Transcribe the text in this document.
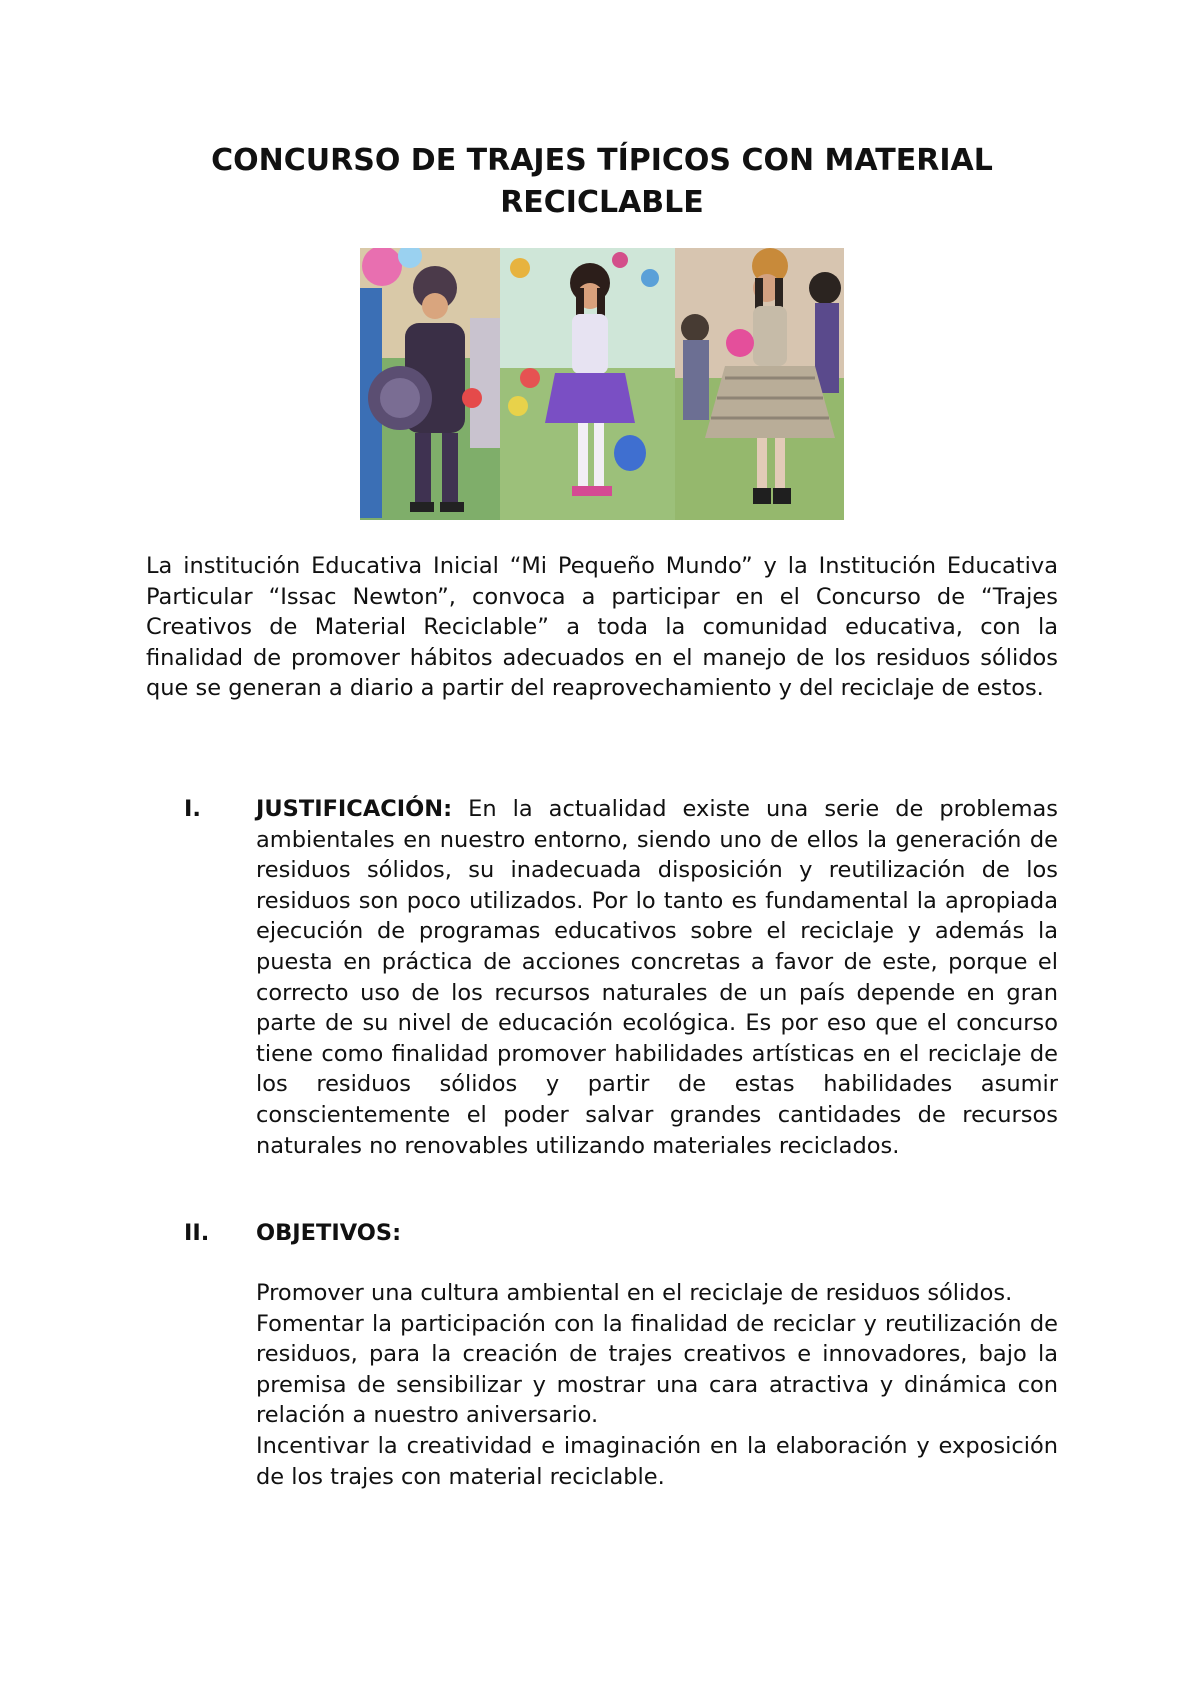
CONCURSO DE TRAJES TÍPICOS CON MATERIAL RECICLABLE

La institución Educativa Inicial “Mi Pequeño Mundo” y la Institución Educativa Particular “Issac Newton”, convoca a participar en el Concurso de “Trajes Creativos de Material Reciclable” a toda la comunidad educativa, con la finalidad de promover hábitos adecuados en el manejo de los residuos sólidos que se generan a diario a partir del reaprovechamiento y del reciclaje de estos.

I. JUSTIFICACIÓN: En la actualidad existe una serie de problemas ambientales en nuestro entorno, siendo uno de ellos la generación de residuos sólidos, su inadecuada disposición y reutilización de los residuos son poco utilizados. Por lo tanto es fundamental la apropiada ejecución de programas educativos sobre el reciclaje y además la puesta en práctica de acciones concretas a favor de este, porque el correcto uso de los recursos naturales de un país depende en gran parte de su nivel de educación ecológica. Es por eso que el concurso tiene como finalidad promover habilidades artísticas en el reciclaje de los residuos sólidos y partir de estas habilidades asumir conscientemente el poder salvar grandes cantidades de recursos naturales no renovables utilizando materiales reciclados.

II. OBJETIVOS:

Promover una cultura ambiental en el reciclaje de residuos sólidos.
Fomentar la participación con la finalidad de reciclar y reutilización de residuos, para la creación de trajes creativos e innovadores, bajo la premisa de sensibilizar y mostrar una cara atractiva y dinámica con relación a nuestro aniversario.
Incentivar la creatividad e imaginación en la elaboración y exposición de los trajes con material reciclable.
